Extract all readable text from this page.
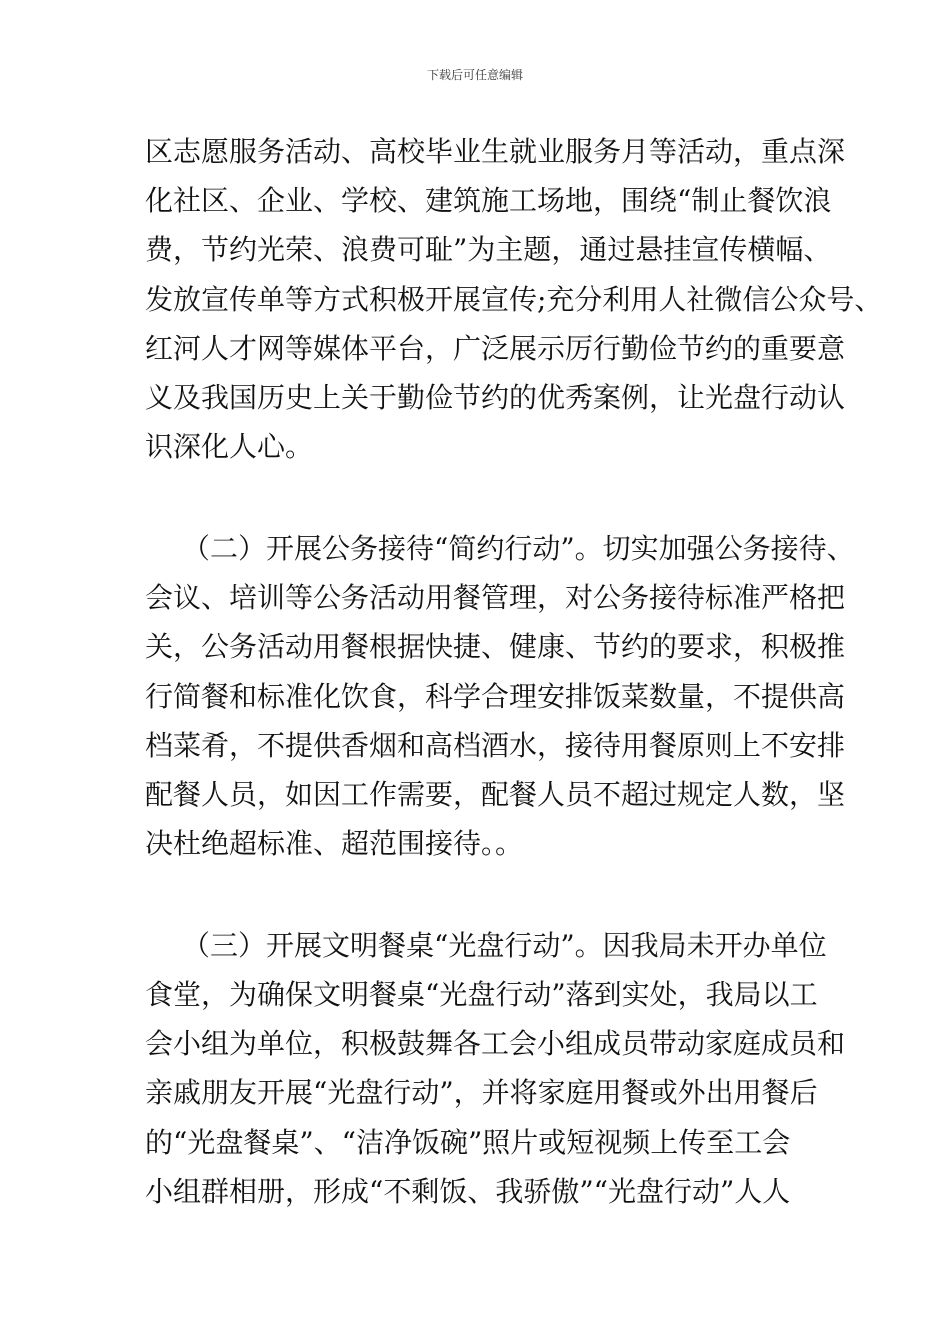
下载后可任意编辑
区志愿服务活动、高校毕业生就业服务月等活动，重点深
化社区、企业、学校、建筑施工场地，围绕“制止餐饮浪
费，节约光荣、浪费可耻”为主题，通过悬挂宣传横幅、
发放宣传单等方式积极开展宣传;充分利用人社微信公众号、
红河人才网等媒体平台，广泛展示厉行勤俭节约的重要意
义及我国历史上关于勤俭节约的优秀案例，让光盘行动认
识深化人心。
（二）开展公务接待“简约行动”。切实加强公务接待、
会议、培训等公务活动用餐管理，对公务接待标准严格把
关，公务活动用餐根据快捷、健康、节约的要求，积极推
行简餐和标准化饮食，科学合理安排饭菜数量，不提供高
档菜肴，不提供香烟和高档酒水，接待用餐原则上不安排
配餐人员，如因工作需要，配餐人员不超过规定人数，坚
决杜绝超标准、超范围接待。。
（三）开展文明餐桌“光盘行动”。因我局未开办单位
食堂，为确保文明餐桌“光盘行动”落到实处，我局以工
会小组为单位，积极鼓舞各工会小组成员带动家庭成员和
亲戚朋友开展“光盘行动”，并将家庭用餐或外出用餐后
的“光盘餐桌”、“洁净饭碗”照片或短视频上传至工会
小组群相册，形成“不剩饭、我骄傲”“光盘行动”人人
